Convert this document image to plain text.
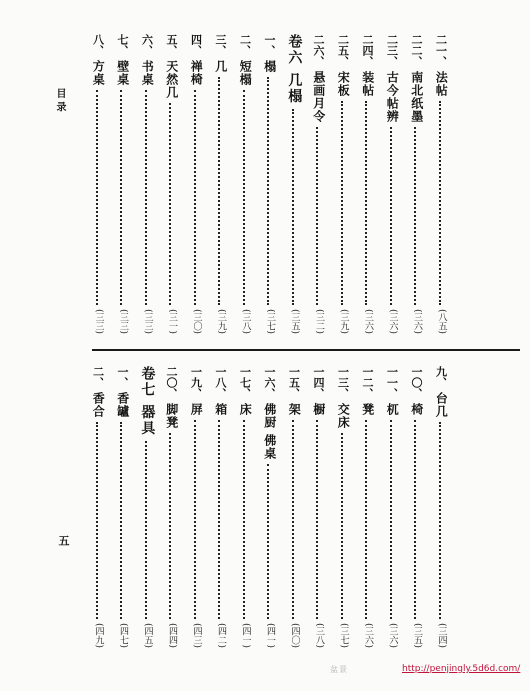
目 录
五
二一、
法帖
(八五)
二二、
南北纸墨
(三六)
二三、
古今帖辨
(三六)
二四、
装帖
(三六)
二五、
宋板
(三九)
二六、
悬画月令
(三二)
卷六 几榻
(三五)
一、
榻
(三七)
二、
短榻
(三八)
三、
几
(三九)
四、
禅椅
(三〇)
五、
天然几
(三一)
六、
书桌
(三三)
七、
壁桌
(三三)
八、
方桌
(三三)
九、
台几
(三四)
一〇、
椅
(三五)
一一、
杌
(三六)
一二、
凳
(三六)
一三、
交床
(三七)
一四、
橱
(三八)
一五、
架
(四〇)
一六、
佛厨 佛桌
(四一)
一七、
床
(四一)
一八、
箱
(四二)
一九、
屏
(四三)
二〇、
脚凳
(四四)
卷七 器具
(四五)
一、
香罏
(四七)
二、
香合
(四九)
盆景	http://penjingly.5d6d.com/
